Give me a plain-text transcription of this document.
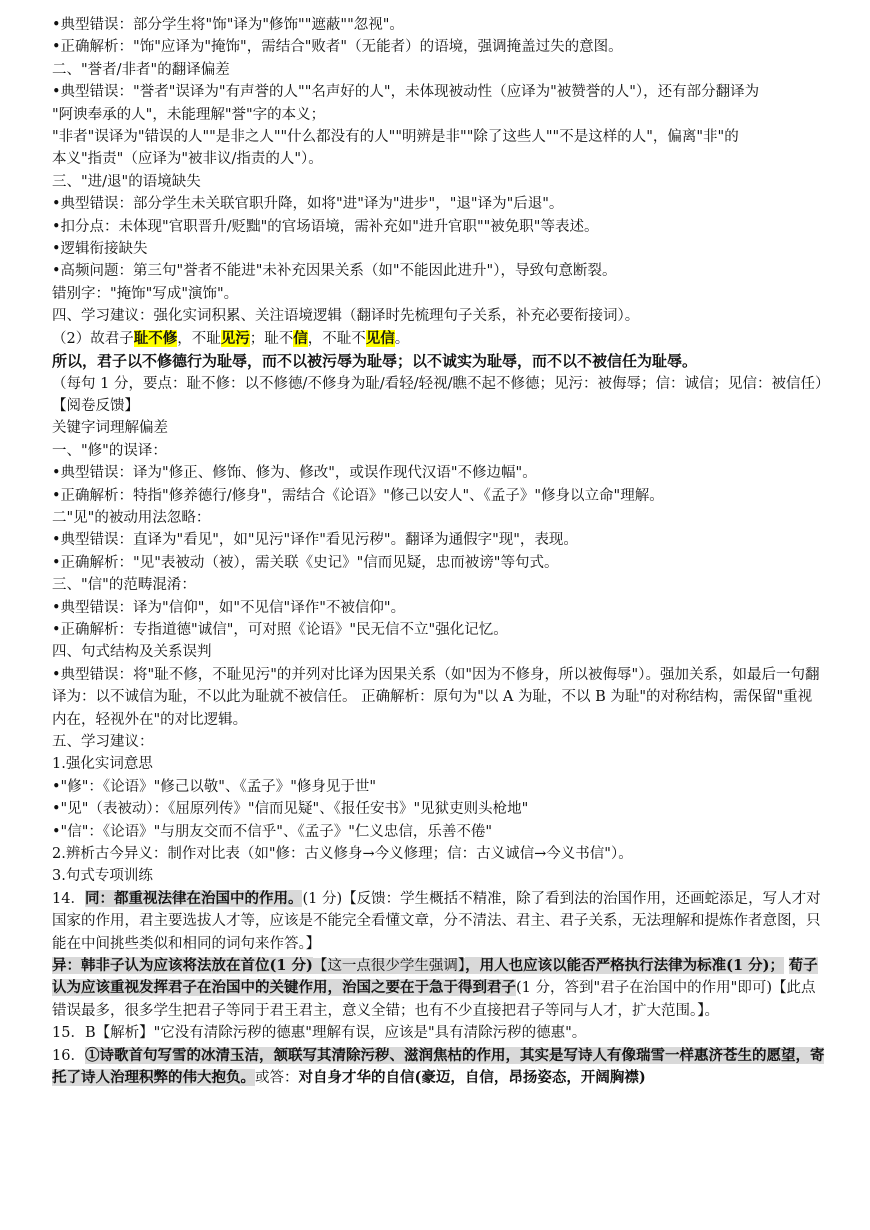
•典型错误：部分学生将"饰"译为"修饰""遮蔽""忽视"。
•正确解析："饰"应译为"掩饰"，需结合"败者"（无能者）的语境，强调掩盖过失的意图。
二、"誉者/非者"的翻译偏差
•典型错误："誉者"误译为"有声誉的人""名声好的人"，未体现被动性（应译为"被赞誉的人"），还有部分翻译为
"阿谀奉承的人"，未能理解"誉"字的本义；
"非者"误译为"错误的人""是非之人""什么都没有的人""明辨是非""除了这些人""不是这样的人"，偏离"非"的
本义"指责"（应译为"被非议/指责的人"）。
三、"进/退"的语境缺失
•典型错误：部分学生未关联官职升降，如将"进"译为"进步"，"退"译为"后退"。
•扣分点：未体现"官职晋升/贬黜"的官场语境，需补充如"进升官职""被免职"等表述。
•逻辑衔接缺失
•高频问题：第三句"誉者不能进"未补充因果关系（如"不能因此进升"），导致句意断裂。
错别字："掩饰"写成"演饰"。
四、学习建议：强化实词积累、关注语境逻辑（翻译时先梳理句子关系，补充必要衔接词）。
（2）故君子耻不修，不耻见污；耻不信，不耻不见信。
所以，君子以不修德行为耻辱，而不以被污辱为耻辱；以不诚实为耻辱，而不以不被信任为耻辱。
（每句 1 分，要点：耻不修：以不修德/不修身为耻/看轻/轻视/瞧不起不修德；见污：被侮辱；信：诚信；见信：被信任）
【阅卷反馈】
关键字词理解偏差
一、"修"的误译：
•典型错误：译为"修正、修饰、修为、修改"，或误作现代汉语"不修边幅"。
•正确解析：特指"修养德行/修身"，需结合《论语》"修己以安人"、《孟子》"修身以立命"理解。
二"见"的被动用法忽略：
•典型错误：直译为"看见"，如"见污"译作"看见污秽"。翻译为通假字"现"，表现。
•正确解析："见"表被动（被），需关联《史记》"信而见疑，忠而被谤"等句式。
三、"信"的范畴混淆：
•典型错误：译为"信仰"，如"不见信"译作"不被信仰"。
•正确解析：专指道德"诚信"，可对照《论语》"民无信不立"强化记忆。
四、句式结构及关系误判
•典型错误：将"耻不修，不耻见污"的并列对比译为因果关系（如"因为不修身，所以被侮辱"）。强加关系，如最后一句翻译为：以不诚信为耻，不以此为耻就不被信任。 正确解析：原句为"以 A 为耻，不以 B 为耻"的对称结构，需保留"重视内在，轻视外在"的对比逻辑。
五、学习建议：
1.强化实词意思
•"修"：《论语》"修己以敬"、《孟子》"修身见于世"
•"见"（表被动）：《屈原列传》"信而见疑"、《报任安书》"见狱吏则头枪地"
•"信"：《论语》"与朋友交而不信乎"、《孟子》"仁义忠信，乐善不倦"
2.辨析古今异义：制作对比表（如"修：古义修身→今义修理；信：古义诚信→今义书信"）。
3.句式专项训练
14．同：都重视法律在治国中的作用。(1 分)【反馈：学生概括不精准，除了看到法的治国作用，还画蛇添足，写人才对国家的作用，君主要选拔人才等，应该是不能完全看懂文章，分不清法、君主、君子关系，无法理解和提炼作者意图，只能在中间挑些类似和相同的词句来作答。】
异：韩非子认为应该将法放在首位(1 分)【这一点很少学生强调】，用人也应该以能否严格执行法律为标准(1 分)； 荀子认为应该重视发挥君子在治国中的关键作用，治国之要在于急于得到君子(1 分，答到"君子在治国中的作用"即可)【此点错误最多，很多学生把君子等同于君王君主，意义全错；也有不少直接把君子等同与人才，扩大范围。】。
15．B【解析】"它没有清除污秽的德惠"理解有误，应该是"具有清除污秽的德惠"。
16．①诗歌首句写雪的冰清玉洁，颔联写其清除污秽、滋润焦枯的作用，其实是写诗人有像瑞雪一样惠济苍生的愿望，寄托了诗人治理积弊的伟大抱负。或答：对自身才华的自信(豪迈，自信，昂扬姿态，开阔胸襟)
